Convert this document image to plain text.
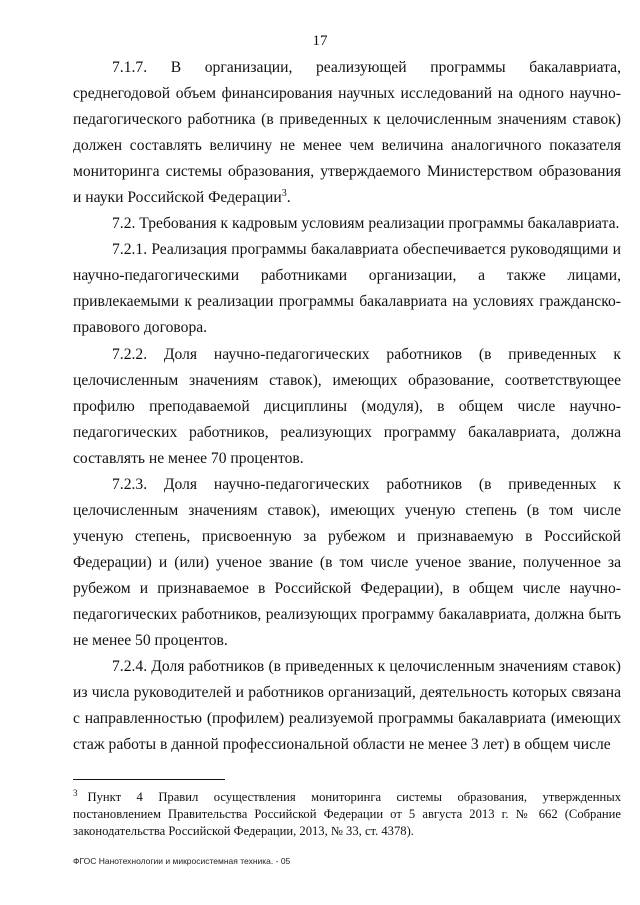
17

7.1.7. В организации, реализующей программы бакалавриата, среднегодовой объем финансирования научных исследований на одного научно-педагогического работника (в приведенных к целочисленным значениям ставок) должен составлять величину не менее чем величина аналогичного показателя мониторинга системы образования, утверждаемого Министерством образования и науки Российской Федерации$^3$.

7.2. Требования к кадровым условиям реализации программы бакалавриата.

7.2.1. Реализация программы бакалавриата обеспечивается руководящими и научно-педагогическими работниками организации, а также лицами, привлекаемыми к реализации программы бакалавриата на условиях гражданско-правового договора.

7.2.2. Доля научно-педагогических работников (в приведенных к целочисленным значениям ставок), имеющих образование, соответствующее профилю преподаваемой дисциплины (модуля), в общем числе научно-педагогических работников, реализующих программу бакалавриата, должна составлять не менее 70 процентов.

7.2.3. Доля научно-педагогических работников (в приведенных к целочисленным значениям ставок), имеющих ученую степень (в том числе ученую степень, присвоенную за рубежом и признаваемую в Российской Федерации) и (или) ученое звание (в том числе ученое звание, полученное за рубежом и признаваемое в Российской Федерации), в общем числе научно-педагогических работников, реализующих программу бакалавриата, должна быть не менее 50 процентов.

7.2.4. Доля работников (в приведенных к целочисленным значениям ставок) из числа руководителей и работников организаций, деятельность которых связана с направленностью (профилем) реализуемой программы бакалавриата (имеющих стаж работы в данной профессиональной области не менее 3 лет) в общем числе

$^3$ Пункт 4 Правил осуществления мониторинга системы образования, утвержденных постановлением Правительства Российской Федерации от 5 августа 2013 г. № 662 (Собрание законодательства Российской Федерации, 2013, № 33, ст. 4378).
ФГОС Нанотехнологии и микросистемная техника. - 05
